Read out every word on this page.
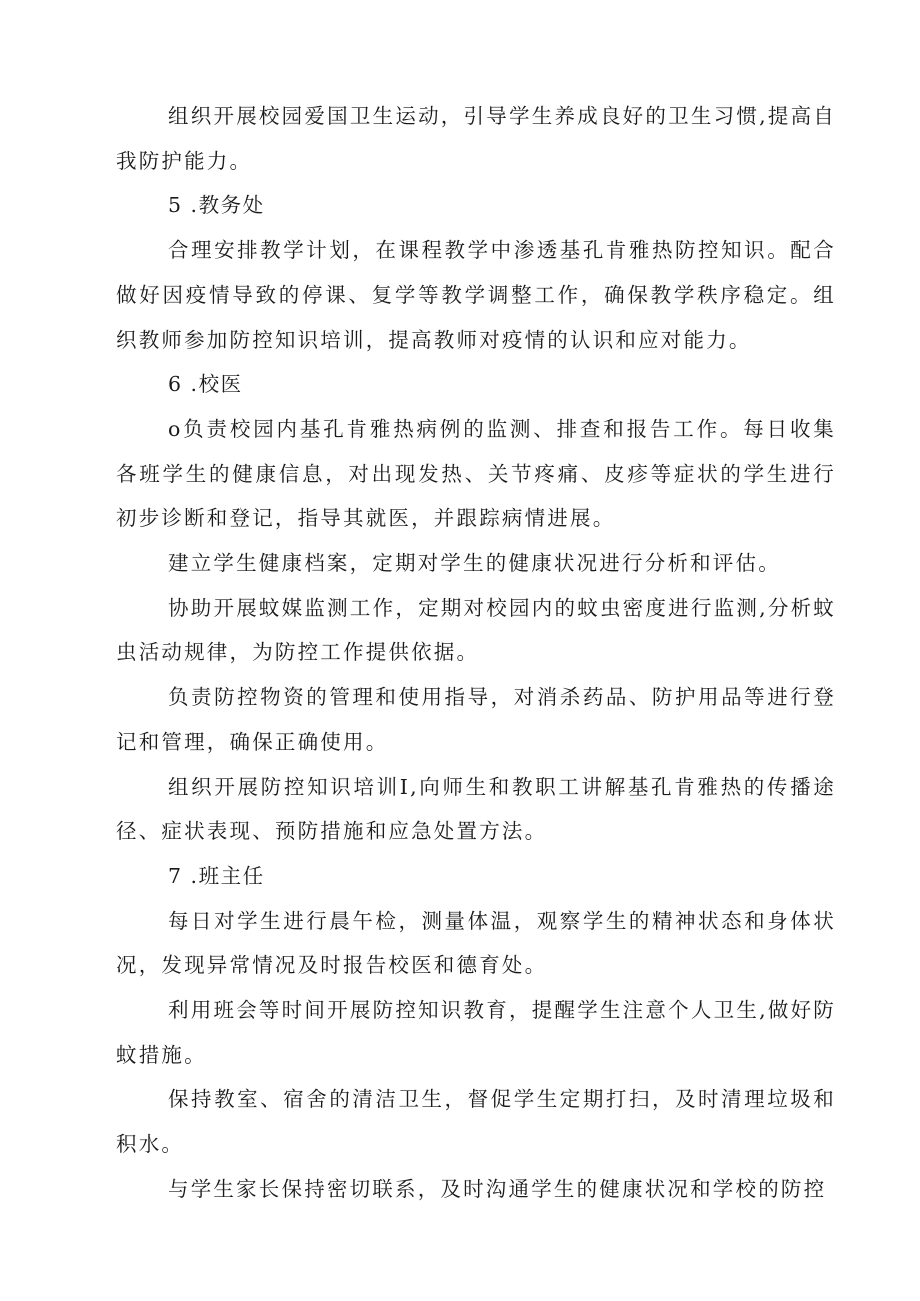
组织开展校园爱国卫生运动，引导学生养成良好的卫生习惯,提高自我防护能力。

5 .教务处

合理安排教学计划，在课程教学中渗透基孔肯雅热防控知识。配合做好因疫情导致的停课、复学等教学调整工作，确保教学秩序稳定。组织教师参加防控知识培训，提高教师对疫情的认识和应对能力。

6 .校医

o负责校园内基孔肯雅热病例的监测、排查和报告工作。每日收集各班学生的健康信息，对出现发热、关节疼痛、皮疹等症状的学生进行初步诊断和登记，指导其就医，并跟踪病情进展。

建立学生健康档案，定期对学生的健康状况进行分析和评估。

协助开展蚊媒监测工作，定期对校园内的蚊虫密度进行监测,分析蚊虫活动规律，为防控工作提供依据。

负责防控物资的管理和使用指导，对消杀药品、防护用品等进行登记和管理，确保正确使用。

组织开展防控知识培训I,向师生和教职工讲解基孔肯雅热的传播途径、症状表现、预防措施和应急处置方法。

7 .班主任

每日对学生进行晨午检，测量体温，观察学生的精神状态和身体状况，发现异常情况及时报告校医和德育处。

利用班会等时间开展防控知识教育，提醒学生注意个人卫生,做好防蚊措施。

保持教室、宿舍的清洁卫生，督促学生定期打扫，及时清理垃圾和积水。

与学生家长保持密切联系，及时沟通学生的健康状况和学校的防控
